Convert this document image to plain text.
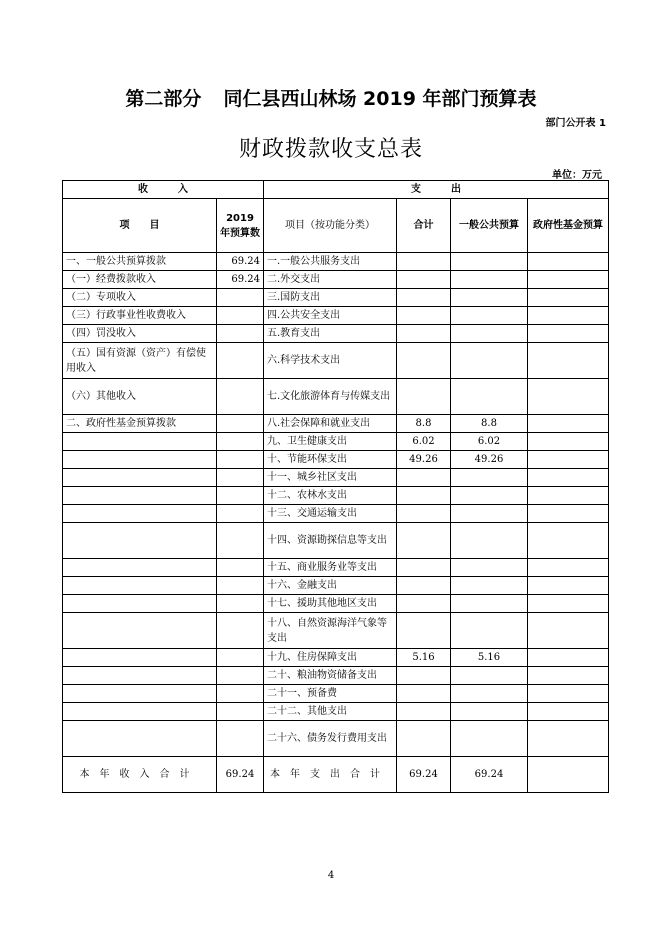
第二部分 同仁县西山林场 2019 年部门预算表
部门公开表 1
财政拨款收支总表
单位：万元
收　　　入		支　　　出			
项　　目	2019 年预算数	项目（按功能分类）	合计	一般公共预算	政府性基金预算
一、一般公共预算拨款	69.24	一.一般公共服务支出			
（一）经费拨款收入	69.24	二.外交支出			
（二）专项收入		三.国防支出			
（三）行政事业性收费收入		四.公共安全支出			
（四）罚没收入		五.教育支出			
（五）国有资源（资产）有偿使用收入		六.科学技术支出			
（六）其他收入		七.文化旅游体育与传媒支出			
二、政府性基金预算拨款		八.社会保障和就业支出	8.8	8.8	
		九、卫生健康支出	6.02	6.02	
		十、节能环保支出	49.26	49.26	
		十一、城乡社区支出			
		十二、农林水支出			
		十三、交通运输支出			
		十四、资源勘探信息等支出			
		十五、商业服务业等支出			
		十六、金融支出			
		十七、援助其他地区支出			
		十八、自然资源海洋气象等支出			
		十九、住房保障支出	5.16	5.16	
		二十、粮油物资储备支出			
		二十一、预备费			
		二十二、其他支出			
		二十六、债务发行费用支出			
本年收入合计	69.24	本年支出合计	69.24	69.24	
4
